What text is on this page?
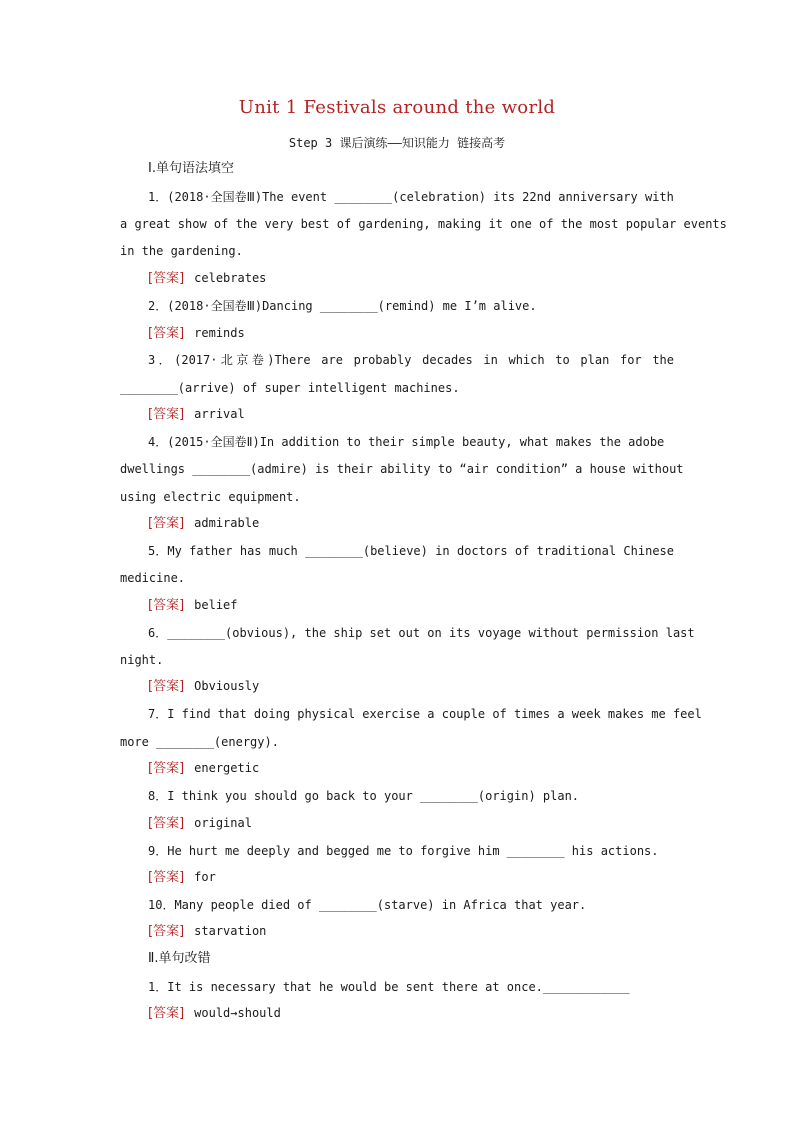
Unit 1 Festivals around the world
Step 3 课后演练——知识能力 链接高考
Ⅰ.单句语法填空
1．(2018·全国卷Ⅲ)The event ________(celebration) its 22nd anniversary with
a great show of the very best of gardening, making it one of the most popular events
in the gardening.
[答案] celebrates
2．(2018·全国卷Ⅲ)Dancing ________(remind) me I’m alive.
[答案] reminds
3．(2017·北京卷)There are probably decades in which to plan for the
________(arrive) of super intelligent machines.
[答案] arrival
4．(2015·全国卷Ⅱ)In addition to their simple beauty, what makes the adobe
dwellings ________(admire) is their ability to “air condition” a house without
using electric equipment.
[答案] admirable
5．My father has much ________(believe) in doctors of traditional Chinese
medicine.
[答案] belief
6．________(obvious), the ship set out on its voyage without permission last
night.
[答案] Obviously
7．I find that doing physical exercise a couple of times a week makes me feel
more ________(energy).
[答案] energetic
8．I think you should go back to your ________(origin) plan.
[答案] original
9．He hurt me deeply and begged me to forgive him ________ his actions.
[答案] for
10．Many people died of ________(starve) in Africa that year.
[答案] starvation
Ⅱ.单句改错
1．It is necessary that he would be sent there at once.____________
[答案] would→should
